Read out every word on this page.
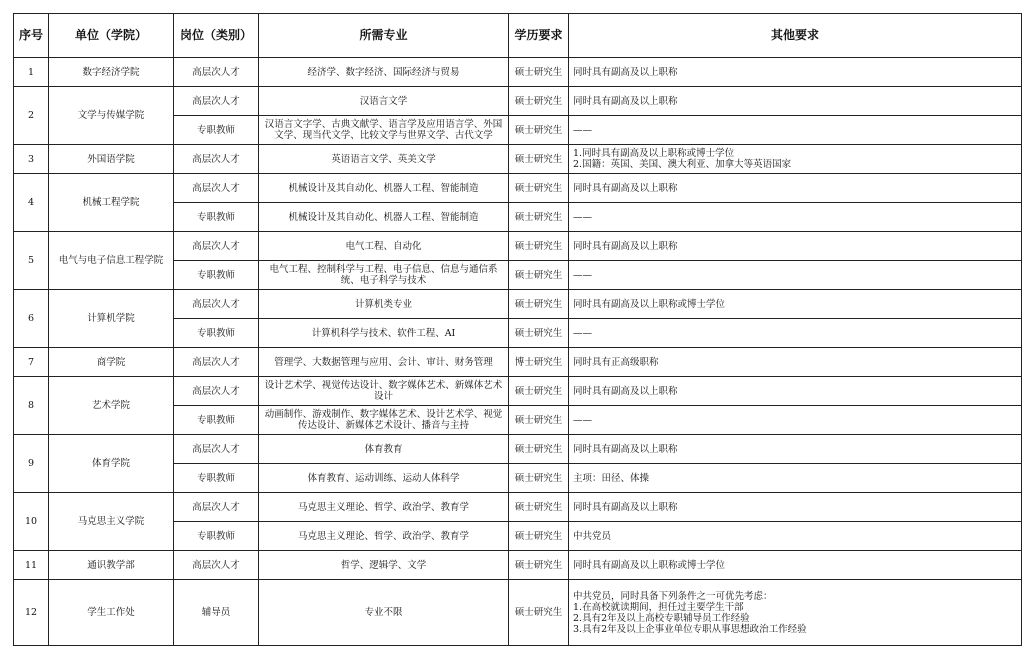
序号	单位（学院）	岗位（类别）	所需专业	学历要求	其他要求
1	数字经济学院	高层次人才	经济学、数字经济、国际经济与贸易	硕士研究生	同时具有副高及以上职称
2	文学与传媒学院	高层次人才	汉语言文学	硕士研究生	同时具有副高及以上职称
		专职教师	汉语言文字学、古典文献学、语言学及应用语言学、外国文学、现当代文学、比较文学与世界文学、古代文学	硕士研究生	——
3	外国语学院	高层次人才	英语语言文学、英美文学	硕士研究生	1.同时具有副高及以上职称或博士学位
2.国籍：英国、美国、澳大利亚、加拿大等英语国家
4	机械工程学院	高层次人才	机械设计及其自动化、机器人工程、智能制造	硕士研究生	同时具有副高及以上职称
		专职教师	机械设计及其自动化、机器人工程、智能制造	硕士研究生	——
5	电气与电子信息工程学院	高层次人才	电气工程、自动化	硕士研究生	同时具有副高及以上职称
		专职教师	电气工程、控制科学与工程、电子信息、信息与通信系统、电子科学与技术	硕士研究生	——
6	计算机学院	高层次人才	计算机类专业	硕士研究生	同时具有副高及以上职称或博士学位
		专职教师	计算机科学与技术、软件工程、AI	硕士研究生	——
7	商学院	高层次人才	管理学、大数据管理与应用、会计、审计、财务管理	博士研究生	同时具有正高级职称
8	艺术学院	高层次人才	设计艺术学、视觉传达设计、数字媒体艺术、新媒体艺术设计	硕士研究生	同时具有副高及以上职称
		专职教师	动画制作、游戏制作、数字媒体艺术、设计艺术学、视觉传达设计、新媒体艺术设计、播音与主持	硕士研究生	——
9	体育学院	高层次人才	体育教育	硕士研究生	同时具有副高及以上职称
		专职教师	体育教育、运动训练、运动人体科学	硕士研究生	主项：田径、体操
10	马克思主义学院	高层次人才	马克思主义理论、哲学、政治学、教育学	硕士研究生	同时具有副高及以上职称
		专职教师	马克思主义理论、哲学、政治学、教育学	硕士研究生	中共党员
11	通识教学部	高层次人才	哲学、逻辑学、文学	硕士研究生	同时具有副高及以上职称或博士学位
12	学生工作处	辅导员	专业不限	硕士研究生	中共党员，同时具备下列条件之一可优先考虑：
1.在高校就读期间，担任过主要学生干部
2.具有2年及以上高校专职辅导员工作经验
3.具有2年及以上企事业单位专职从事思想政治工作经验
